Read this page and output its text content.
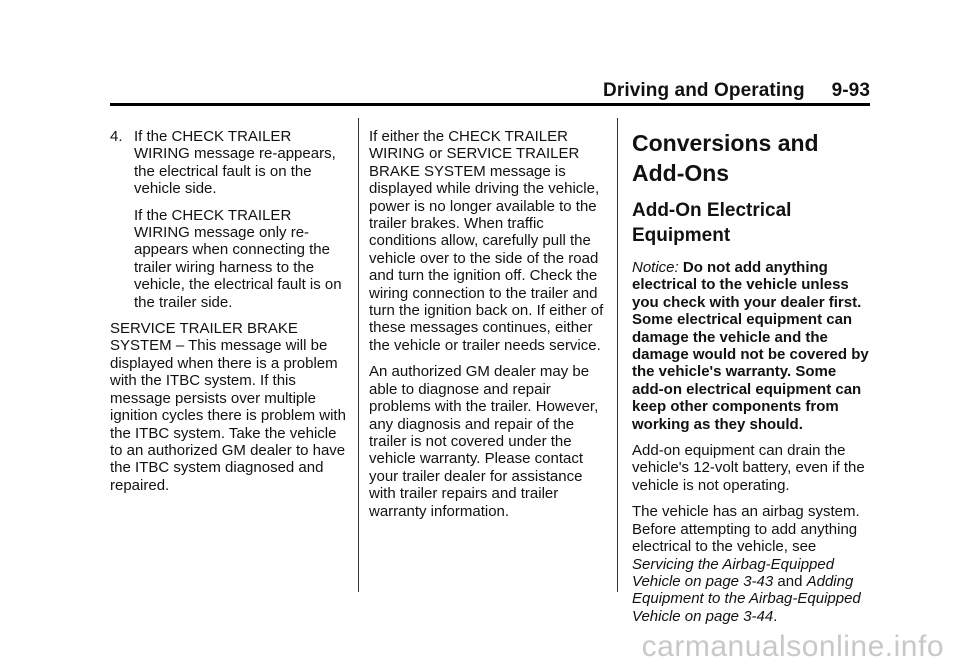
Driving and Operating 9-93
4. If the CHECK TRAILER WIRING message re-appears, the electrical fault is on the vehicle side.

If the CHECK TRAILER WIRING message only re-appears when connecting the trailer wiring harness to the vehicle, the electrical fault is on the trailer side.

SERVICE TRAILER BRAKE SYSTEM – This message will be displayed when there is a problem with the ITBC system. If this message persists over multiple ignition cycles there is problem with the ITBC system. Take the vehicle to an authorized GM dealer to have the ITBC system diagnosed and repaired.

If either the CHECK TRAILER WIRING or SERVICE TRAILER BRAKE SYSTEM message is displayed while driving the vehicle, power is no longer available to the trailer brakes. When traffic conditions allow, carefully pull the vehicle over to the side of the road and turn the ignition off. Check the wiring connection to the trailer and turn the ignition back on. If either of these messages continues, either the vehicle or trailer needs service.

An authorized GM dealer may be able to diagnose and repair problems with the trailer. However, any diagnosis and repair of the trailer is not covered under the vehicle warranty. Please contact your trailer dealer for assistance with trailer repairs and trailer warranty information.

Conversions and Add-Ons
Add-On Electrical Equipment

Notice: Do not add anything electrical to the vehicle unless you check with your dealer first. Some electrical equipment can damage the vehicle and the damage would not be covered by the vehicle's warranty. Some add-on electrical equipment can keep other components from working as they should.

Add-on equipment can drain the vehicle's 12-volt battery, even if the vehicle is not operating.

The vehicle has an airbag system. Before attempting to add anything electrical to the vehicle, see Servicing the Airbag-Equipped Vehicle on page 3-43 and Adding Equipment to the Airbag-Equipped Vehicle on page 3-44.

carmanualsonline.info
